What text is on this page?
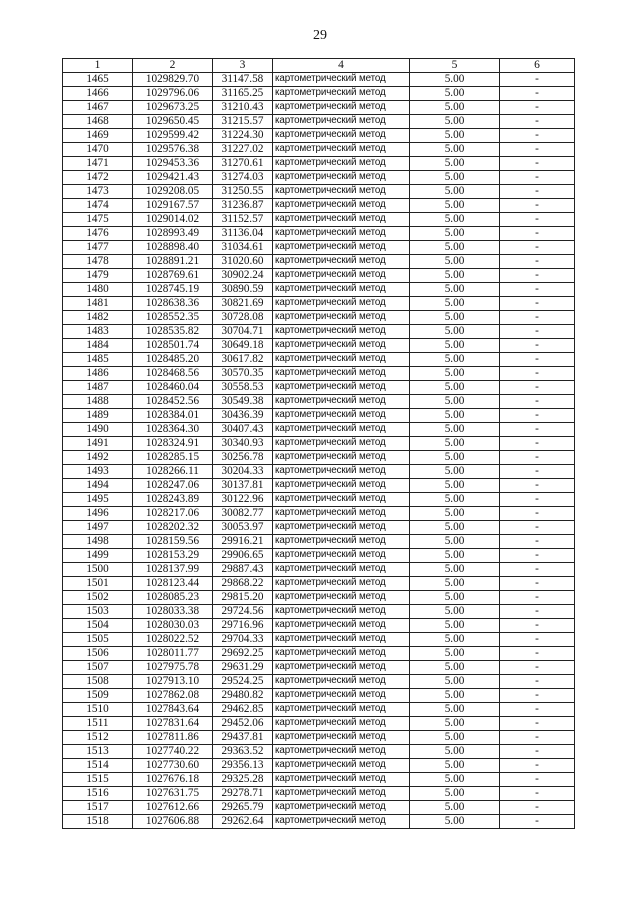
29
1	2	3	4	5	6
1465	1029829.70	31147.58	картометрический метод	5.00	-
1466	1029796.06	31165.25	картометрический метод	5.00	-
1467	1029673.25	31210.43	картометрический метод	5.00	-
1468	1029650.45	31215.57	картометрический метод	5.00	-
1469	1029599.42	31224.30	картометрический метод	5.00	-
1470	1029576.38	31227.02	картометрический метод	5.00	-
1471	1029453.36	31270.61	картометрический метод	5.00	-
1472	1029421.43	31274.03	картометрический метод	5.00	-
1473	1029208.05	31250.55	картометрический метод	5.00	-
1474	1029167.57	31236.87	картометрический метод	5.00	-
1475	1029014.02	31152.57	картометрический метод	5.00	-
1476	1028993.49	31136.04	картометрический метод	5.00	-
1477	1028898.40	31034.61	картометрический метод	5.00	-
1478	1028891.21	31020.60	картометрический метод	5.00	-
1479	1028769.61	30902.24	картометрический метод	5.00	-
1480	1028745.19	30890.59	картометрический метод	5.00	-
1481	1028638.36	30821.69	картометрический метод	5.00	-
1482	1028552.35	30728.08	картометрический метод	5.00	-
1483	1028535.82	30704.71	картометрический метод	5.00	-
1484	1028501.74	30649.18	картометрический метод	5.00	-
1485	1028485.20	30617.82	картометрический метод	5.00	-
1486	1028468.56	30570.35	картометрический метод	5.00	-
1487	1028460.04	30558.53	картометрический метод	5.00	-
1488	1028452.56	30549.38	картометрический метод	5.00	-
1489	1028384.01	30436.39	картометрический метод	5.00	-
1490	1028364.30	30407.43	картометрический метод	5.00	-
1491	1028324.91	30340.93	картометрический метод	5.00	-
1492	1028285.15	30256.78	картометрический метод	5.00	-
1493	1028266.11	30204.33	картометрический метод	5.00	-
1494	1028247.06	30137.81	картометрический метод	5.00	-
1495	1028243.89	30122.96	картометрический метод	5.00	-
1496	1028217.06	30082.77	картометрический метод	5.00	-
1497	1028202.32	30053.97	картометрический метод	5.00	-
1498	1028159.56	29916.21	картометрический метод	5.00	-
1499	1028153.29	29906.65	картометрический метод	5.00	-
1500	1028137.99	29887.43	картометрический метод	5.00	-
1501	1028123.44	29868.22	картометрический метод	5.00	-
1502	1028085.23	29815.20	картометрический метод	5.00	-
1503	1028033.38	29724.56	картометрический метод	5.00	-
1504	1028030.03	29716.96	картометрический метод	5.00	-
1505	1028022.52	29704.33	картометрический метод	5.00	-
1506	1028011.77	29692.25	картометрический метод	5.00	-
1507	1027975.78	29631.29	картометрический метод	5.00	-
1508	1027913.10	29524.25	картометрический метод	5.00	-
1509	1027862.08	29480.82	картометрический метод	5.00	-
1510	1027843.64	29462.85	картометрический метод	5.00	-
1511	1027831.64	29452.06	картометрический метод	5.00	-
1512	1027811.86	29437.81	картометрический метод	5.00	-
1513	1027740.22	29363.52	картометрический метод	5.00	-
1514	1027730.60	29356.13	картометрический метод	5.00	-
1515	1027676.18	29325.28	картометрический метод	5.00	-
1516	1027631.75	29278.71	картометрический метод	5.00	-
1517	1027612.66	29265.79	картометрический метод	5.00	-
1518	1027606.88	29262.64	картометрический метод	5.00	-
